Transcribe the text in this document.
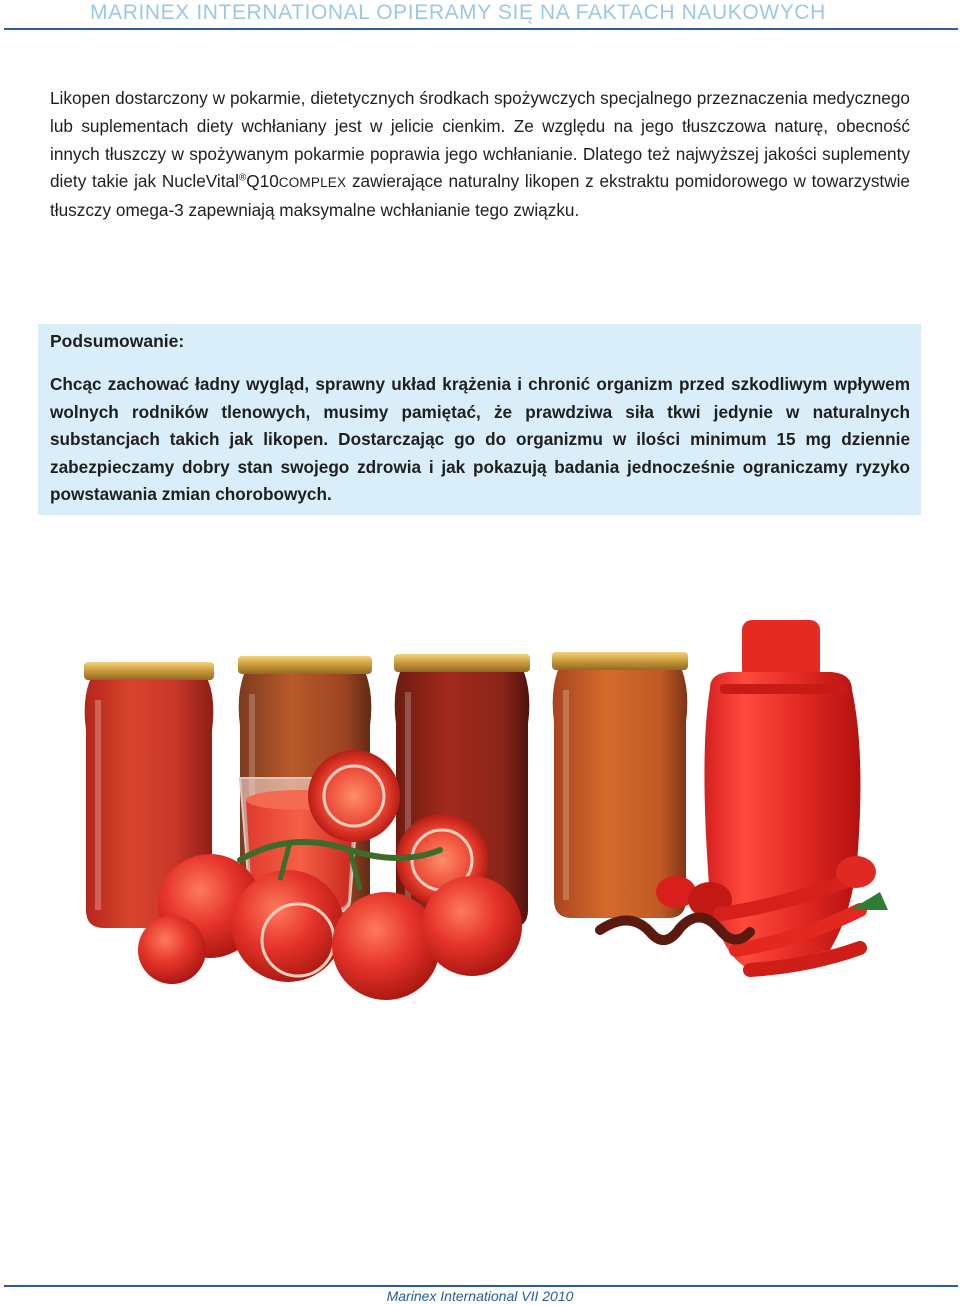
MARINEX INTERNATIONAL OPIERAMY SIĘ NA FAKTACH NAUKOWYCH
Likopen dostarczony w pokarmie, dietetycznych środkach spożywczych specjalnego przeznaczenia medycznego lub suplementach diety wchłaniany jest w jelicie cienkim. Ze względu na jego tłuszczowa naturę, obecność innych tłuszczy w spożywanym pokarmie poprawia jego wchłanianie. Dlatego też najwyższej jakości suplementy diety takie jak NucleVital®Q10COMPLEX zawierające naturalny likopen z ekstraktu pomidorowego w towarzystwie tłuszczy omega-3 zapewniają maksymalne wchłanianie tego związku.
Podsumowanie:
Chcąc zachować ładny wygląd, sprawny układ krążenia i chronić organizm przed szkodliwym wpływem wolnych rodników tlenowych, musimy pamiętać, że prawdziwa siła tkwi jedynie w naturalnych substancjach takich jak likopen. Dostarczając go do organizmu w ilości minimum 15 mg dziennie zabezpieczamy dobry stan swojego zdrowia i jak pokazują badania jednocześnie ograniczamy ryzyko powstawania zmian chorobowych.
Marinex International VII 2010
